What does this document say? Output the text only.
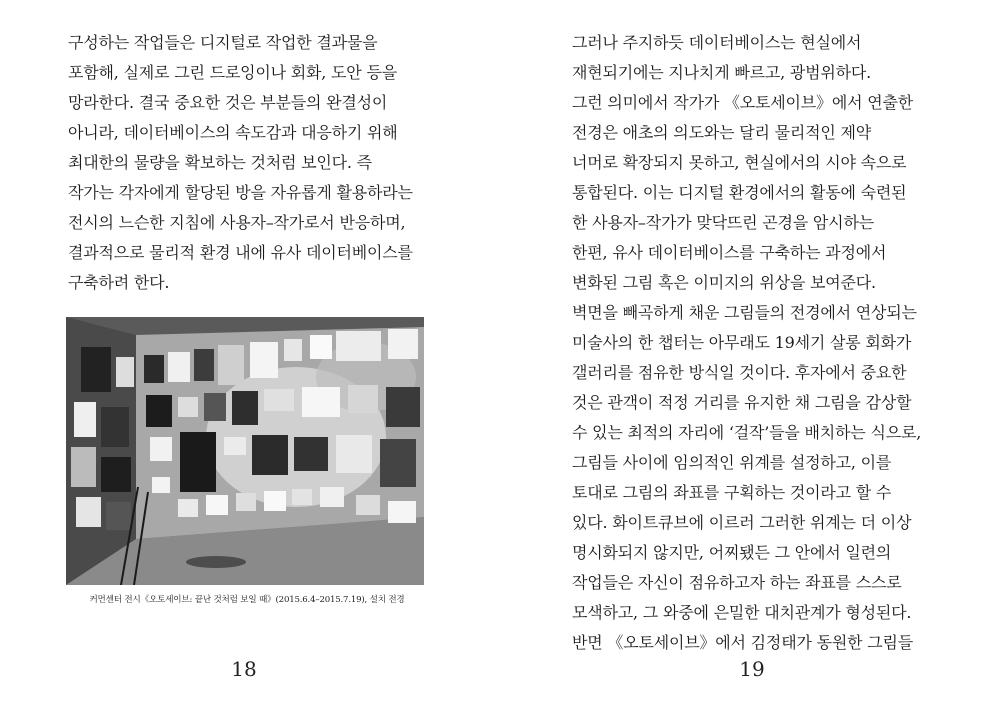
구성하는 작업들은 디지털로 작업한 결과물을
포함해, 실제로 그린 드로잉이나 회화, 도안 등을
망라한다. 결국 중요한 것은 부분들의 완결성이
아니라, 데이터베이스의 속도감과 대응하기 위해
최대한의 물량을 확보하는 것처럼 보인다. 즉
작가는 각자에게 할당된 방을 자유롭게 활용하라는
전시의 느슨한 지침에 사용자–작가로서 반응하며,
결과적으로 물리적 환경 내에 유사 데이터베이스를
구축하려 한다.
커먼센터 전시《오토세이브: 끝난 것처럼 보일 때》(2015.6.4–2015.7.19), 설치 전경
18
그러나 주지하듯 데이터베이스는 현실에서
재현되기에는 지나치게 빠르고, 광범위하다.
그런 의미에서 작가가 《오토세이브》에서 연출한
전경은 애초의 의도와는 달리 물리적인 제약
너머로 확장되지 못하고, 현실에서의 시야 속으로
통합된다. 이는 디지털 환경에서의 활동에 숙련된
한 사용자–작가가 맞닥뜨린 곤경을 암시하는
한편, 유사 데이터베이스를 구축하는 과정에서
변화된 그림 혹은 이미지의 위상을 보여준다.
벽면을 빼곡하게 채운 그림들의 전경에서 연상되는
미술사의 한 챕터는 아무래도 19세기 살롱 회화가
갤러리를 점유한 방식일 것이다. 후자에서 중요한
것은 관객이 적정 거리를 유지한 채 그림을 감상할
수 있는 최적의 자리에 ‘걸작’들을 배치하는 식으로,
그림들 사이에 임의적인 위계를 설정하고, 이를
토대로 그림의 좌표를 구획하는 것이라고 할 수
있다. 화이트큐브에 이르러 그러한 위계는 더 이상
명시화되지 않지만, 어찌됐든 그 안에서 일련의
작업들은 자신이 점유하고자 하는 좌표를 스스로
모색하고, 그 와중에 은밀한 대치관계가 형성된다.
반면 《오토세이브》에서 김정태가 동원한 그림들
19
